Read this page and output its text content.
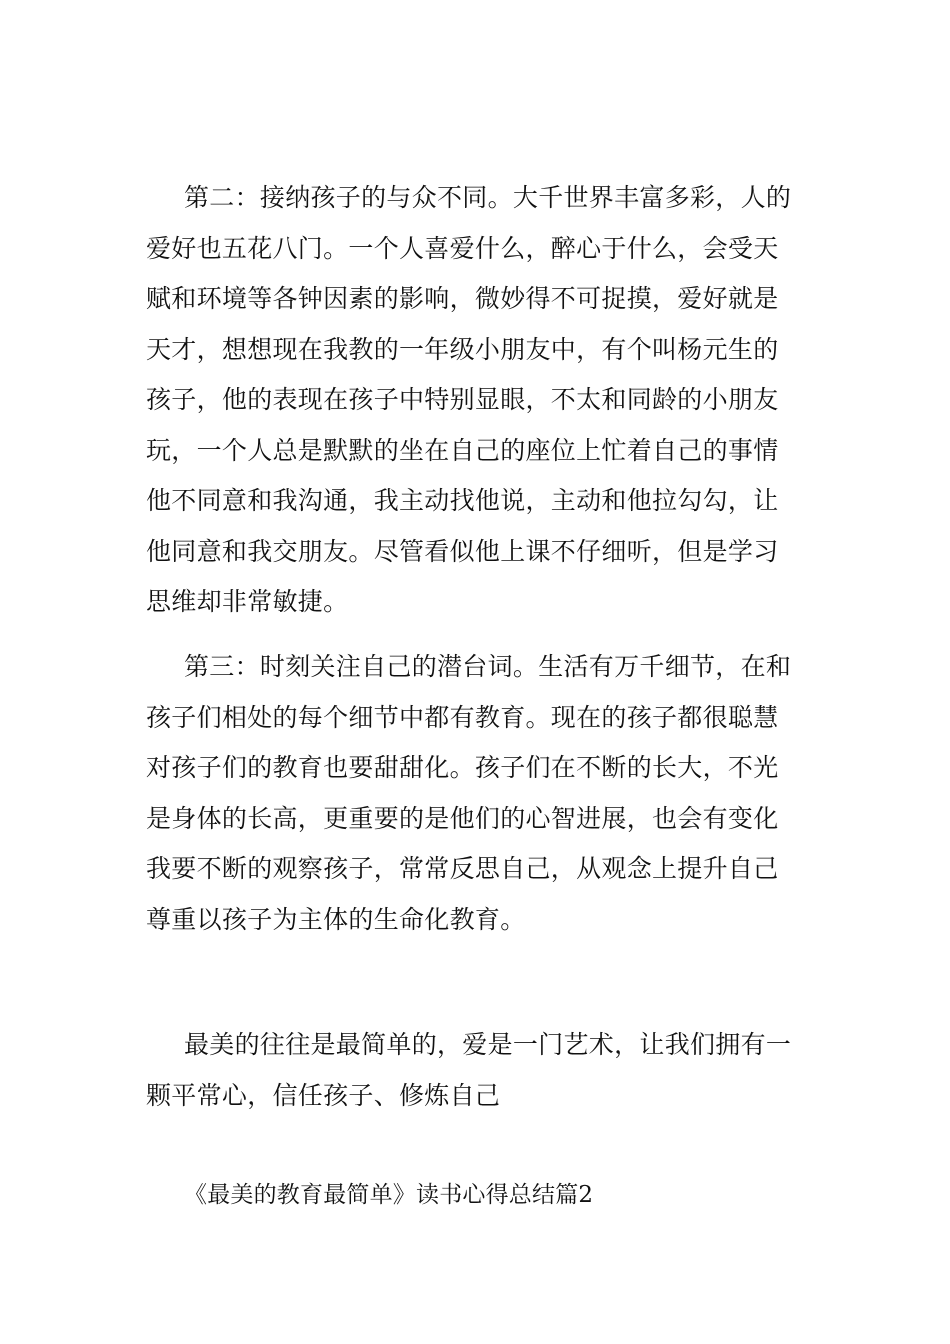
第二：接纳孩子的与众不同。大千世界丰富多彩，人的
爱好也五花八门。一个人喜爱什么，醉心于什么，会受天
赋和环境等各钟因素的影响，微妙得不可捉摸，爱好就是
天才，想想现在我教的一年级小朋友中，有个叫杨元生的
孩子，他的表现在孩子中特别显眼，不太和同龄的小朋友
玩，一个人总是默默的坐在自己的座位上忙着自己的事情
他不同意和我沟通，我主动找他说，主动和他拉勾勾，让
他同意和我交朋友。尽管看似他上课不仔细听，但是学习
思维却非常敏捷。
第三：时刻关注自己的潜台词。生活有万千细节，在和
孩子们相处的每个细节中都有教育。现在的孩子都很聪慧
对孩子们的教育也要甜甜化。孩子们在不断的长大，不光
是身体的长高，更重要的是他们的心智进展，也会有变化
我要不断的观察孩子，常常反思自己，从观念上提升自己
尊重以孩子为主体的生命化教育。
最美的往往是最简单的，爱是一门艺术，让我们拥有一
颗平常心，信任孩子、修炼自己
《最美的教育最简单》读书心得总结篇2
